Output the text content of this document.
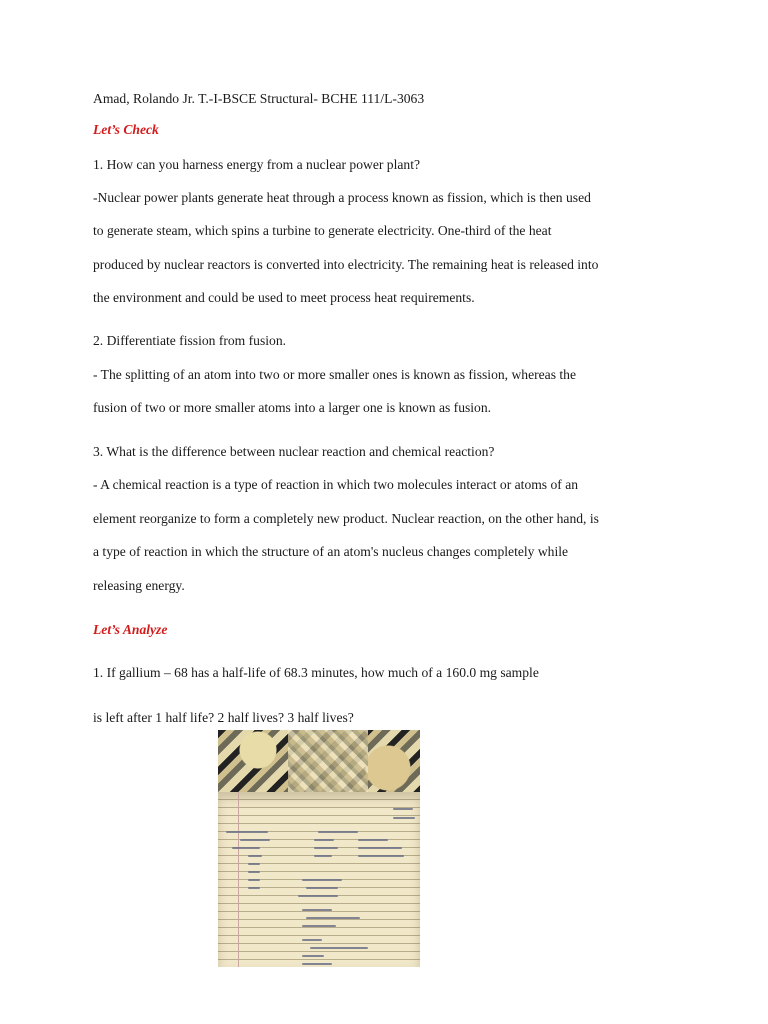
Amad, Rolando Jr. T.-I-BSCE Structural- BCHE 111/L-3063

Let’s Check

1. How can you harness energy from a nuclear power plant?

-Nuclear power plants generate heat through a process known as fission, which is then used

to generate steam, which spins a turbine to generate electricity. One-third of the heat

produced by nuclear reactors is converted into electricity. The remaining heat is released into

the environment and could be used to meet process heat requirements.

2. Differentiate fission from fusion.

- The splitting of an atom into two or more smaller ones is known as fission, whereas the

fusion of two or more smaller atoms into a larger one is known as fusion.

3. What is the difference between nuclear reaction and chemical reaction?

- A chemical reaction is a type of reaction in which two molecules interact or atoms of an

element reorganize to form a completely new product. Nuclear reaction, on the other hand, is

a type of reaction in which the structure of an atom's nucleus changes completely while

releasing energy.

Let’s Analyze

1. If gallium – 68 has a half-life of 68.3 minutes, how much of a 160.0 mg sample

is left after 1 half life? 2 half lives? 3 half lives?
